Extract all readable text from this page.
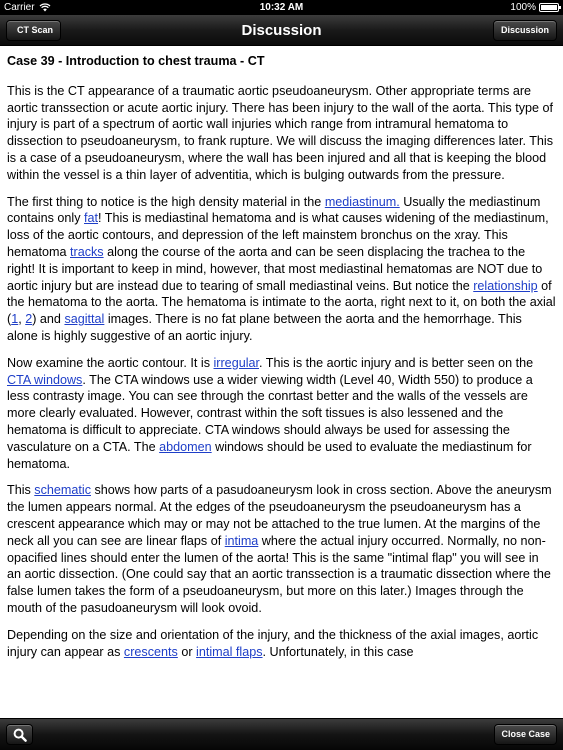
Carrier	10:32 AM	100%
Discussion
CT Scan	Discussion
Case 39 - Introduction to chest trauma - CT

This is the CT appearance of a traumatic aortic pseudoaneurysm. Other appropriate terms are aortic transsection or acute aortic injury. There has been injury to the wall of the aorta. This type of injury is part of a spectrum of aortic wall injuries which range from intramural hematoma to dissection to pseudoaneurysm, to frank rupture. We will discuss the imaging differences later. This is a case of a pseudoaneurysm, where the wall has been injured and all that is keeping the blood within the vessel is a thin layer of adventitia, which is bulging outwards from the pressure.

The first thing to notice is the high density material in the mediastinum. Usually the mediastinum contains only fat! This is mediastinal hematoma and is what causes widening of the mediastinum, loss of the aortic contours, and depression of the left mainstem bronchus on the xray. This hematoma tracks along the course of the aorta and can be seen displacing the trachea to the right! It is important to keep in mind, however, that most mediastinal hematomas are NOT due to aortic injury but are instead due to tearing of small mediastinal veins. But notice the relationship of the hematoma to the aorta. The hematoma is intimate to the aorta, right next to it, on both the axial (1, 2) and sagittal images. There is no fat plane between the aorta and the hemorrhage. This alone is highly suggestive of an aortic injury.

Now examine the aortic contour. It is irregular. This is the aortic injury and is better seen on the CTA windows. The CTA windows use a wider viewing width (Level 40, Width 550) to produce a less contrasty image. You can see through the conrtast better and the walls of the vessels are more clearly evaluated. However, contrast within the soft tissues is also lessened and the hematoma is difficult to appreciate. CTA windows should always be used for assessing the vasculature on a CTA. The abdomen windows should be used to evaluate the mediastinum for hematoma.

This schematic shows how parts of a pasudoaneurysm look in cross section. Above the aneurysm the lumen appears normal. At the edges of the pseudoaneurysm the pseudoaneurysm has a crescent appearance which may or may not be attached to the true lumen. At the margins of the neck all you can see are linear flaps of intima where the actual injury occurred. Normally, no non-opacified lines should enter the lumen of the aorta! This is the same "intimal flap" you will see in an aortic dissection. (One could say that an aortic transsection is a traumatic dissection where the false lumen takes the form of a pseudoaneurysm, but more on this later.) Images through the mouth of the pasudoaneurysm will look ovoid.

Depending on the size and orientation of the injury, and the thickness of the axial images, aortic injury can appear as crescents or intimal flaps. Unfortunately, in this case

Close Case
